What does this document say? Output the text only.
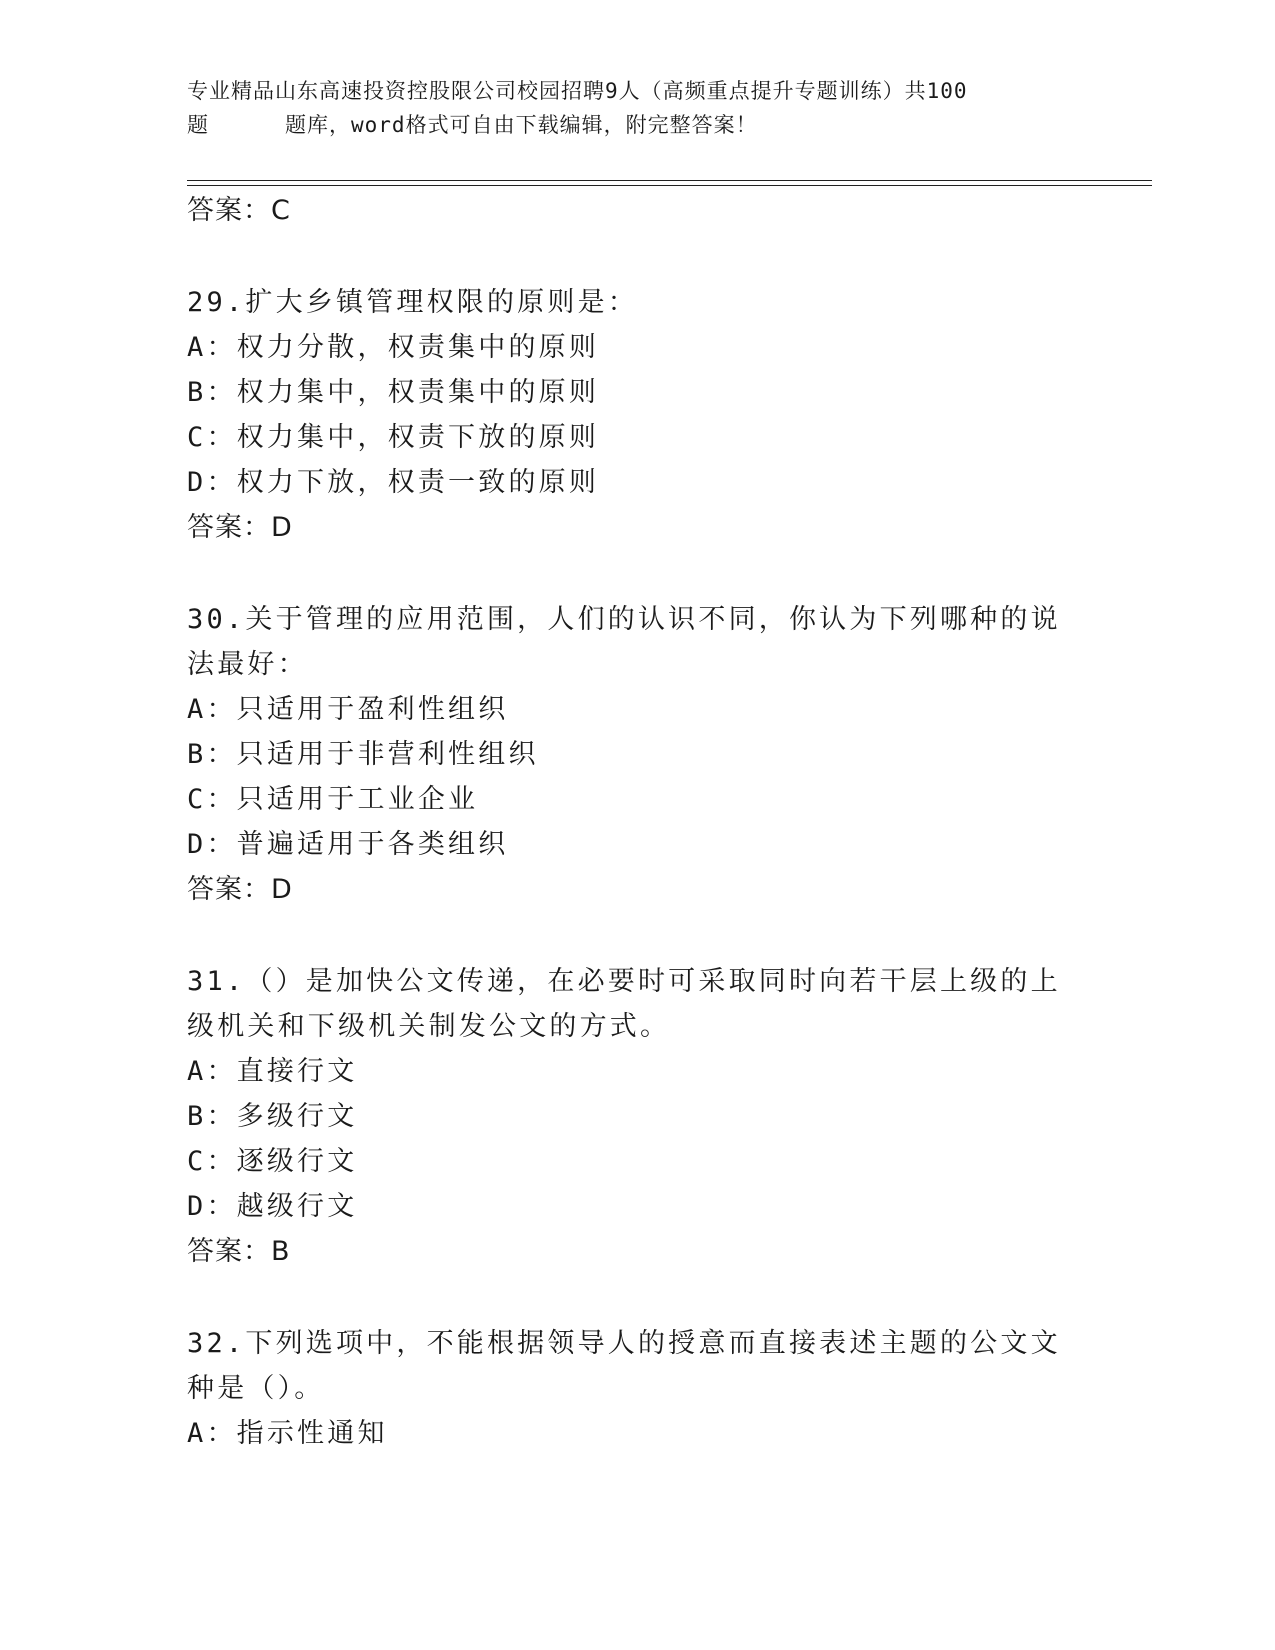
专业精品山东高速投资控股限公司校园招聘9人（高频重点提升专题训练）共100
题	题库，word格式可自由下载编辑，附完整答案！
答案：C
29.扩大乡镇管理权限的原则是：
A：权力分散，权责集中的原则
B：权力集中，权责集中的原则
C：权力集中，权责下放的原则
D：权力下放，权责一致的原则
答案：D
30.关于管理的应用范围，人们的认识不同，你认为下列哪种的说法最好：
A：只适用于盈利性组织
B：只适用于非营利性组织
C：只适用于工业企业
D：普遍适用于各类组织
答案：D
31.（）是加快公文传递，在必要时可采取同时向若干层上级的上级机关和下级机关制发公文的方式。
A：直接行文
B：多级行文
C：逐级行文
D：越级行文
答案：B
32.下列选项中，不能根据领导人的授意而直接表述主题的公文文种是（）。
A：指示性通知
